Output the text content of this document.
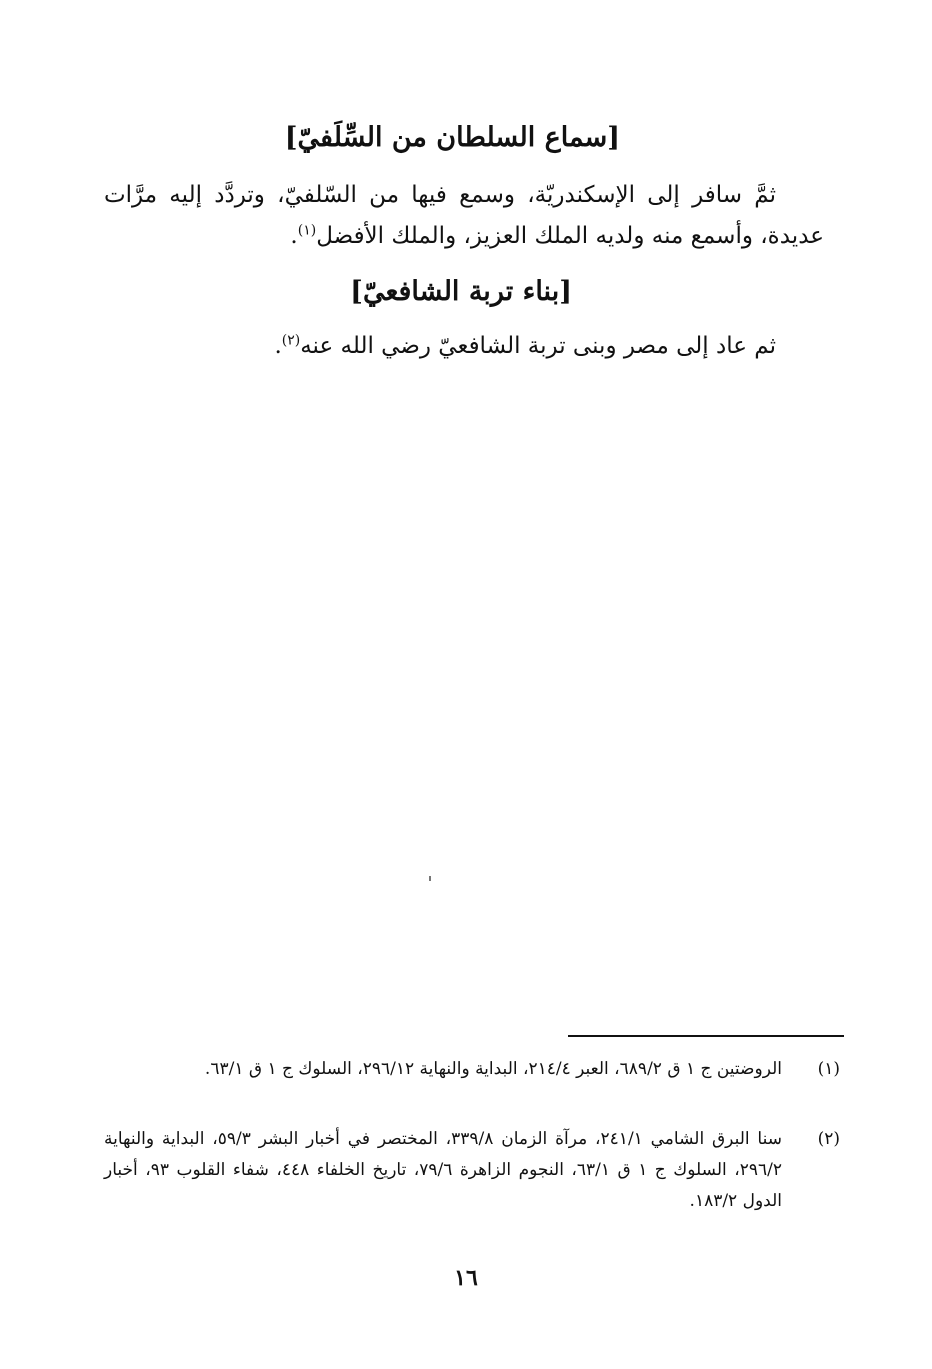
[سماع السلطان من السِّلَفيّ]
ثمَّ سافر إلى الإسكندريّة، وسمع فيها من السّلفيّ، وتردَّد إليه مرَّات عديدة، وأسمع منه ولديه الملك العزيز، والملك الأفضل$^{(١)}$.
[بناء تربة الشافعيّ]
ثم عاد إلى مصر وبنى تربة الشافعيّ رضي الله عنه$^{(٢)}$.
(١)
الروضتين ج ١ ق ٦٨٩/٢، العبر ٢١٤/٤، البداية والنهاية ٢٩٦/١٢، السلوك ج ١ ق ٦٣/١.
(٢)
سنا البرق الشامي ٢٤١/١، مرآة الزمان ٣٣٩/٨، المختصر في أخبار البشر ٥٩/٣، البداية والنهاية ٢٩٦/٢، السلوك ج ١ ق ٦٣/١، النجوم الزاهرة ٧٩/٦، تاريخ الخلفاء ٤٤٨، شفاء القلوب ٩٣، أخبار الدول ١٨٣/٢.
١٦
